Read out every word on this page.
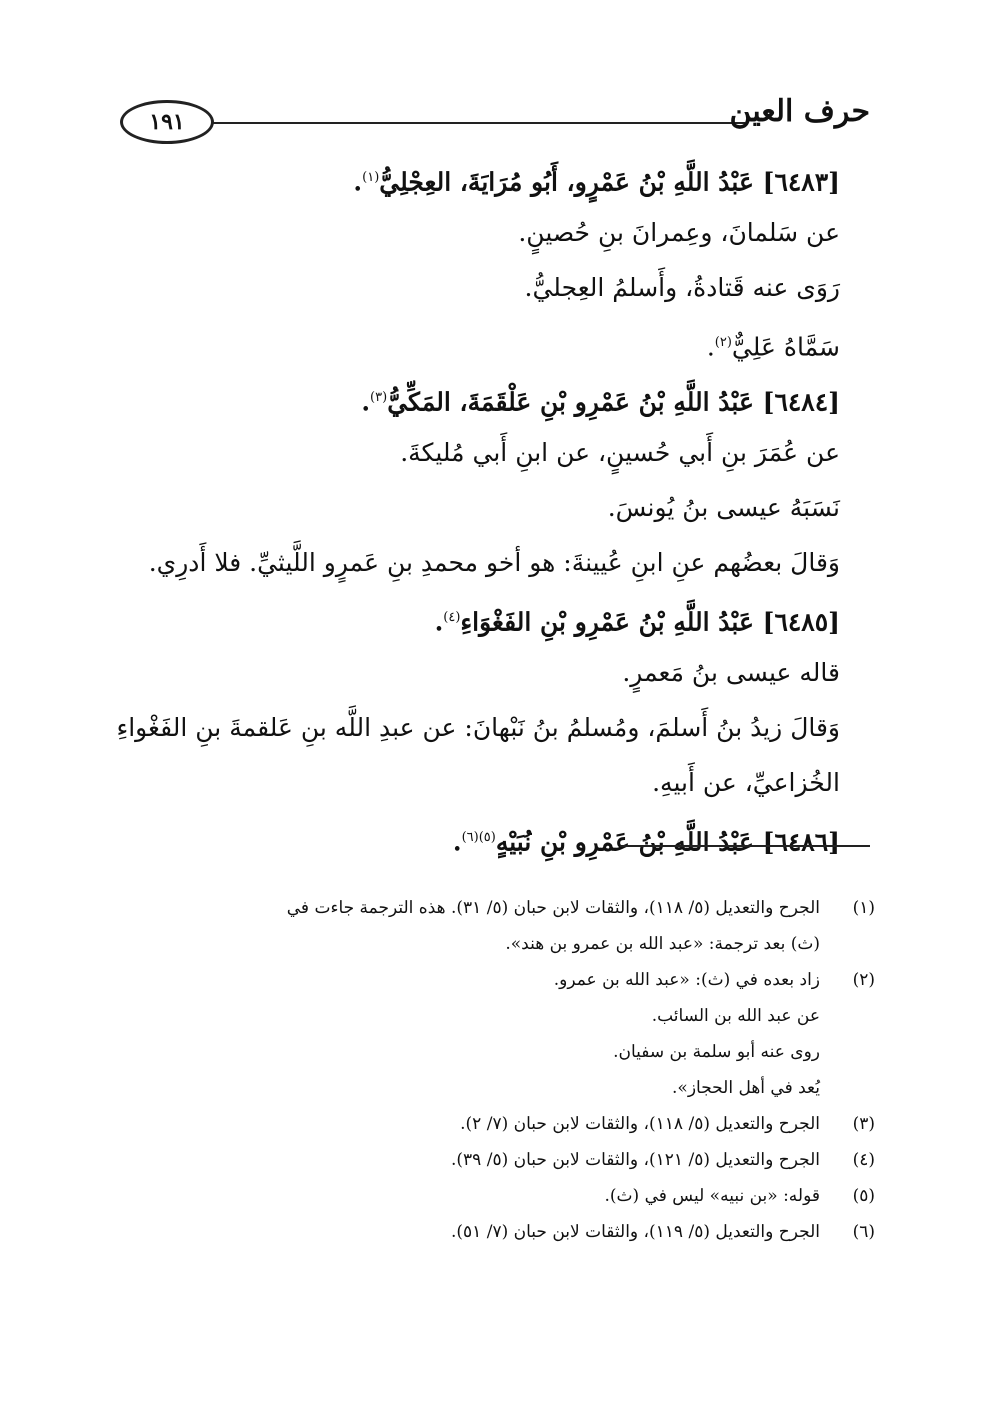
١٩١	حرف العين
[٦٤٨٣] عَبْدُ اللَّهِ بْنُ عَمْرٍو، أَبُو مُرَايَةَ، العِجْلِيُّ$^{(١)}$.
عن سَلمانَ، وعِمرانَ بنِ حُصينٍ.
رَوَى عنه قَتادةُ، وأَسلمُ العِجليُّ.
سَمَّاهُ عَلِيٌّ$^{(٢)}$.
[٦٤٨٤] عَبْدُ اللَّهِ بْنُ عَمْرِو بْنِ عَلْقَمَةَ، المَكِّيُّ$^{(٣)}$.
عن عُمَرَ بنِ أَبي حُسينٍ، عن ابنِ أَبي مُليكةَ.
نَسَبَهُ عيسى بنُ يُونسَ.
وَقالَ بعضُهم عنِ ابنِ عُيينةَ: هو أخو محمدِ بنِ عَمرٍو اللَّيثيِّ. فلا أَدرِي.
[٦٤٨٥] عَبْدُ اللَّهِ بْنُ عَمْرِو بْنِ الفَغْوَاءِ$^{(٤)}$.
قاله عيسى بنُ مَعمرٍ.
وَقالَ زيدُ بنُ أَسلمَ، ومُسلمُ بنُ نَبْهانَ: عن عبدِ اللَّه بنِ عَلقمةَ بنِ الفَغْواءِ
الخُزاعيِّ، عن أَبيهِ.
[٦٤٨٦] عَبْدُ اللَّهِ بْنُ عَمْرِو بْنِ نُبَيْهٍ$^{(٥)(٦)}$.
(١)
الجرح والتعديل (٥/ ١١٨)، والثقات لابن حبان (٥/ ٣١). هذه الترجمة جاءت في
(ث) بعد ترجمة: «عبد الله بن عمرو بن هند».
(٢)
زاد بعده في (ث): «عبد الله بن عمرو.
عن عبد الله بن السائب.
روى عنه أبو سلمة بن سفيان.
يُعد في أهل الحجاز».
(٣)
الجرح والتعديل (٥/ ١١٨)، والثقات لابن حبان (٧/ ٢).
(٤)
الجرح والتعديل (٥/ ١٢١)، والثقات لابن حبان (٥/ ٣٩).
(٥)
قوله: «بن نبيه» ليس في (ث).
(٦)
الجرح والتعديل (٥/ ١١٩)، والثقات لابن حبان (٧/ ٥١).
